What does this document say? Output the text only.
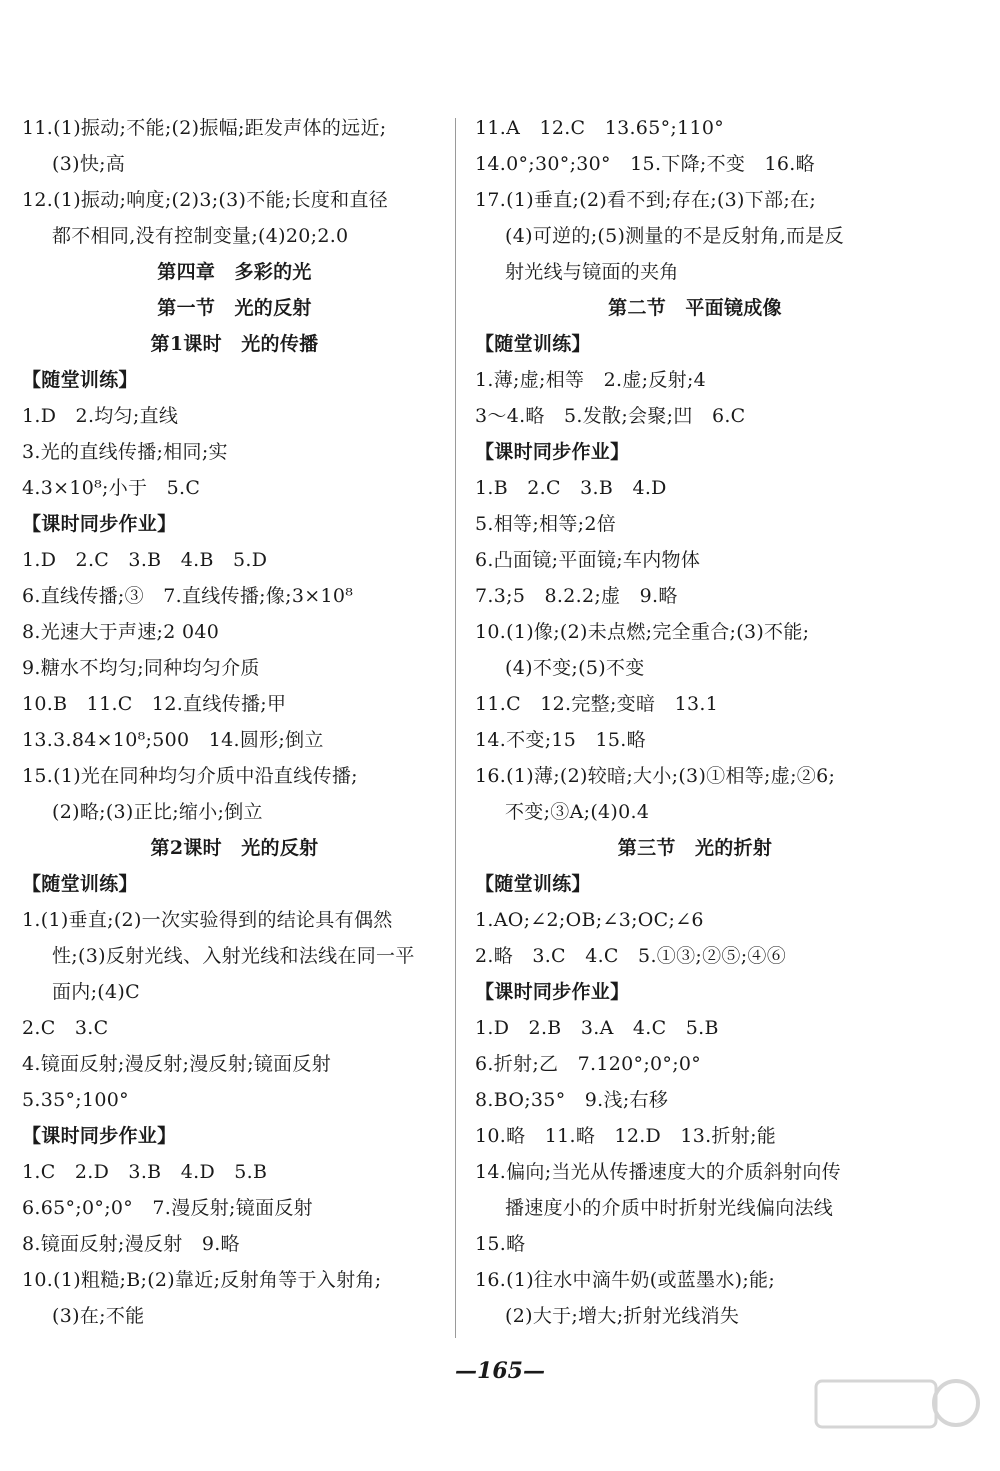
11.(1)振动;不能;(2)振幅;距发声体的远近;
(3)快;高
12.(1)振动;响度;(2)3;(3)不能;长度和直径
都不相同,没有控制变量;(4)20;2.0
第四章　多彩的光
第一节　光的反射
第1课时　光的传播
【随堂训练】
1.D　2.均匀;直线
3.光的直线传播;相同;实
4.3×10⁸;小于　5.C
【课时同步作业】
1.D　2.C　3.B　4.B　5.D
6.直线传播;③　7.直线传播;像;3×10⁸
8.光速大于声速;2 040
9.糖水不均匀;同种均匀介质
10.B　11.C　12.直线传播;甲
13.3.84×10⁸;500　14.圆形;倒立
15.(1)光在同种均匀介质中沿直线传播;
(2)略;(3)正比;缩小;倒立
第2课时　光的反射
【随堂训练】
1.(1)垂直;(2)一次实验得到的结论具有偶然
性;(3)反射光线、入射光线和法线在同一平
面内;(4)C
2.C　3.C
4.镜面反射;漫反射;漫反射;镜面反射
5.35°;100°
【课时同步作业】
1.C　2.D　3.B　4.D　5.B
6.65°;0°;0°　7.漫反射;镜面反射
8.镜面反射;漫反射　9.略
10.(1)粗糙;B;(2)靠近;反射角等于入射角;
(3)在;不能
11.A　12.C　13.65°;110°
14.0°;30°;30°　15.下降;不变　16.略
17.(1)垂直;(2)看不到;存在;(3)下部;在;
(4)可逆的;(5)测量的不是反射角,而是反
射光线与镜面的夹角
第二节　平面镜成像
【随堂训练】
1.薄;虚;相等　2.虚;反射;4
3～4.略　5.发散;会聚;凹　6.C
【课时同步作业】
1.B　2.C　3.B　4.D
5.相等;相等;2倍
6.凸面镜;平面镜;车内物体
7.3;5　8.2.2;虚　9.略
10.(1)像;(2)未点燃;完全重合;(3)不能;
(4)不变;(5)不变
11.C　12.完整;变暗　13.1
14.不变;15　15.略
16.(1)薄;(2)较暗;大小;(3)①相等;虚;②6;
不变;③A;(4)0.4
第三节　光的折射
【随堂训练】
1.AO;∠2;OB;∠3;OC;∠6
2.略　3.C　4.C　5.①③;②⑤;④⑥
【课时同步作业】
1.D　2.B　3.A　4.C　5.B
6.折射;乙　7.120°;0°;0°
8.BO;35°　9.浅;右移
10.略　11.略　12.D　13.折射;能
14.偏向;当光从传播速度大的介质斜射向传
播速度小的介质中时折射光线偏向法线
15.略
16.(1)往水中滴牛奶(或蓝墨水);能;
(2)大于;增大;折射光线消失
—165—
